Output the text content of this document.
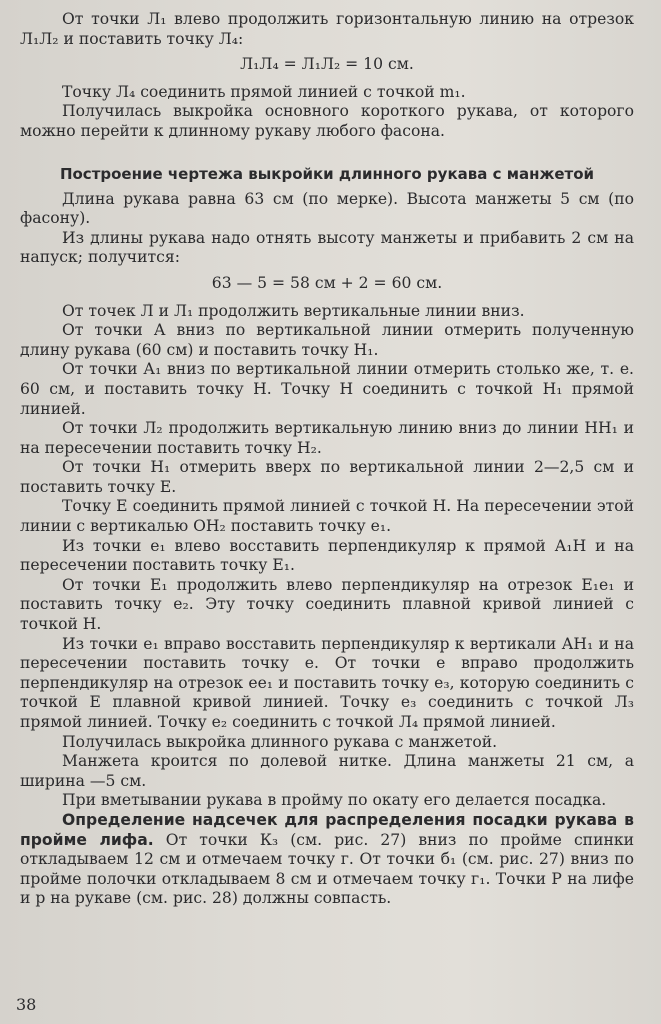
От точки Л₁ влево продолжить горизонтальную линию на отрезок Л₁Л₂ и поставить точку Л₄:

Л₁Л₄ = Л₁Л₂ = 10 см.

Точку Л₄ соединить прямой линией с точкой m₁.

Получилась выкройка основного короткого рукава, от которого можно перейти к длинному рукаву любого фасона.

Построение чертежа выкройки длинного рукава с манжетой

Длина рукава равна 63 см (по мерке). Высота манжеты 5 см (по фасону).

Из длины рукава надо отнять высоту манжеты и прибавить 2 см на напуск; получится:

63 — 5 = 58 см + 2 = 60 см.

От точек Л и Л₁ продолжить вертикальные линии вниз.

От точки А вниз по вертикальной линии отмерить полученную длину рукава (60 см) и поставить точку Н₁.

От точки А₁ вниз по вертикальной линии отмерить столько же, т. е. 60 см, и поставить точку Н. Точку Н соединить с точкой Н₁ прямой линией.

От точки Л₂ продолжить вертикальную линию вниз до линии НН₁ и на пересечении поставить точку Н₂.

От точки Н₁ отмерить вверх по вертикальной линии 2—2,5 см и поставить точку Е.

Точку Е соединить прямой линией с точкой Н. На пересечении этой линии с вертикалью ОН₂ поставить точку е₁.

Из точки е₁ влево восставить перпендикуляр к прямой А₁Н и на пересечении поставить точку Е₁.

От точки Е₁ продолжить влево перпендикуляр на отрезок Е₁е₁ и поставить точку е₂. Эту точку соединить плавной кривой линией с точкой Н.

Из точки е₁ вправо восставить перпендикуляр к вертикали АН₁ и на пересечении поставить точку е. От точки е вправо продолжить перпендикуляр на отрезок ее₁ и поставить точку е₃, которую соединить с точкой Е плавной кривой линией. Точку е₃ соединить с точкой Л₃ прямой линией. Точку е₂ соединить с точкой Л₄ прямой линией.

Получилась выкройка длинного рукава с манжетой.

Манжета кроится по долевой нитке. Длина манжеты 21 см, а ширина —5 см.

При вметывании рукава в пройму по окату его делается посадка.

Определение надсечек для распределения посадки рукава в пройме лифа. От точки К₃ (см. рис. 27) вниз по пройме спинки откладываем 12 см и отмечаем точку г. От точки б₁ (см. рис. 27) вниз по пройме полочки откладываем 8 см и отмечаем точку г₁. Точки Р на лифе и р на рукаве (см. рис. 28) должны совпасть.

38
